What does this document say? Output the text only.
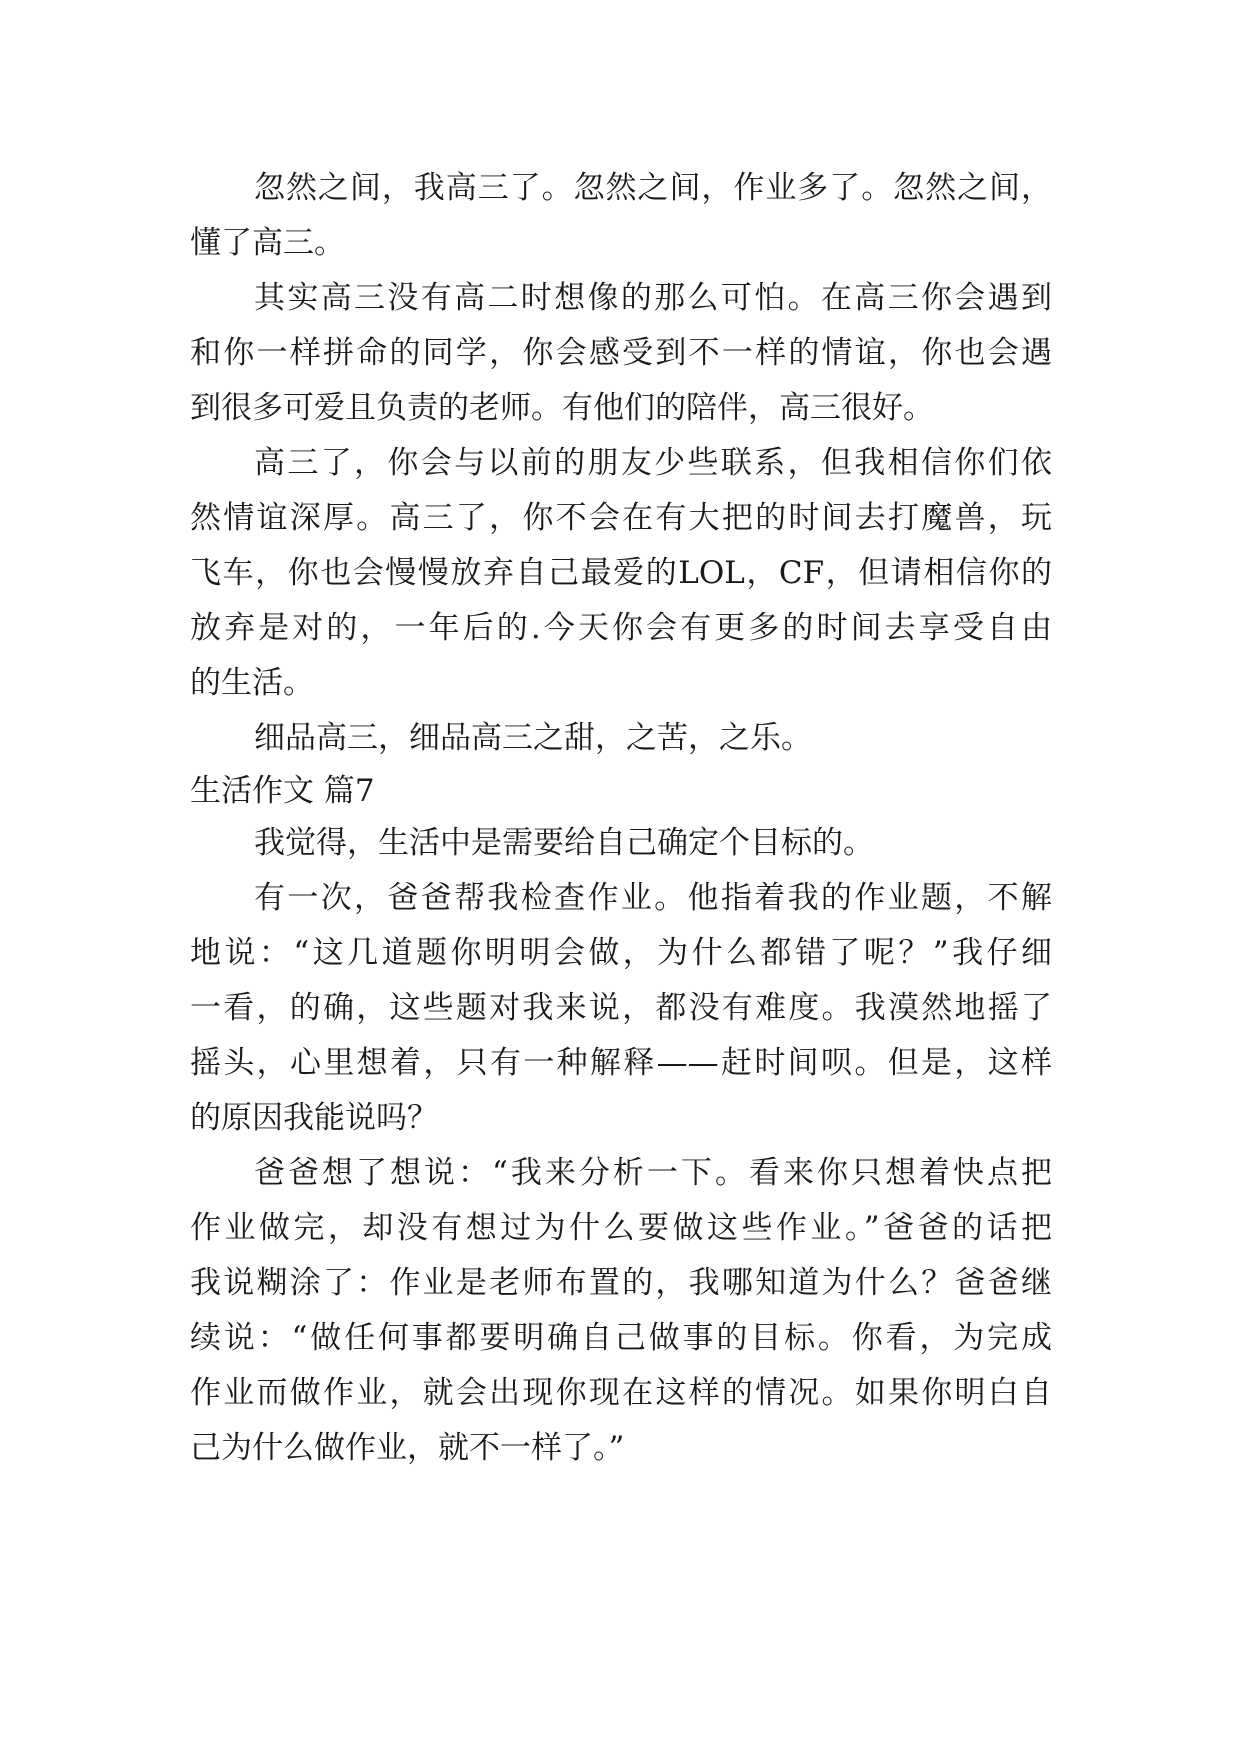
忽然之间，我高三了。忽然之间，作业多了。忽然之间，
懂了高三。
其实高三没有高二时想像的那么可怕。在高三你会遇到
和你一样拼命的同学，你会感受到不一样的情谊，你也会遇
到很多可爱且负责的老师。有他们的陪伴，高三很好。
高三了，你会与以前的朋友少些联系，但我相信你们依
然情谊深厚。高三了，你不会在有大把的时间去打魔兽，玩
飞车，你也会慢慢放弃自己最爱的LOL，CF，但请相信你的
放弃是对的，一年后的.今天你会有更多的时间去享受自由
的生活。
细品高三，细品高三之甜，之苦，之乐。
生活作文 篇7
我觉得，生活中是需要给自己确定个目标的。
有一次，爸爸帮我检查作业。他指着我的作业题，不解
地说：“这几道题你明明会做，为什么都错了呢？”我仔细
一看，的确，这些题对我来说，都没有难度。我漠然地摇了
摇头，心里想着，只有一种解释——赶时间呗。但是，这样
的原因我能说吗？
爸爸想了想说：“我来分析一下。看来你只想着快点把
作业做完，却没有想过为什么要做这些作业。”爸爸的话把
我说糊涂了：作业是老师布置的，我哪知道为什么？爸爸继
续说：“做任何事都要明确自己做事的目标。你看，为完成
作业而做作业，就会出现你现在这样的情况。如果你明白自
己为什么做作业，就不一样了。”
